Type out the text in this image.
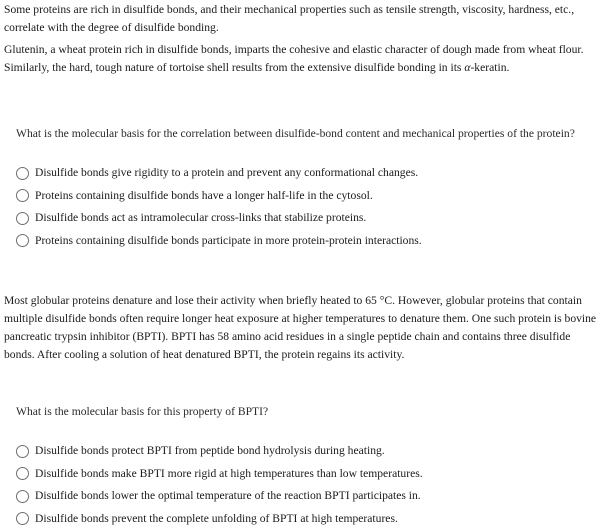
Some proteins are rich in disulfide bonds, and their mechanical properties such as tensile strength, viscosity, hardness, etc.,
correlate with the degree of disulfide bonding.
Glutenin, a wheat protein rich in disulfide bonds, imparts the cohesive and elastic character of dough made from wheat flour.
Similarly, the hard, tough nature of tortoise shell results from the extensive disulfide bonding in its α-keratin.
What is the molecular basis for the correlation between disulfide-bond content and mechanical properties of the protein?
Disulfide bonds give rigidity to a protein and prevent any conformational changes.
Proteins containing disulfide bonds have a longer half-life in the cytosol.
Disulfide bonds act as intramolecular cross-links that stabilize proteins.
Proteins containing disulfide bonds participate in more protein-protein interactions.
Most globular proteins denature and lose their activity when briefly heated to 65 °C. However, globular proteins that contain
multiple disulfide bonds often require longer heat exposure at higher temperatures to denature them. One such protein is bovine
pancreatic trypsin inhibitor (BPTI). BPTI has 58 amino acid residues in a single peptide chain and contains three disulfide
bonds. After cooling a solution of heat denatured BPTI, the protein regains its activity.
What is the molecular basis for this property of BPTI?
Disulfide bonds protect BPTI from peptide bond hydrolysis during heating.
Disulfide bonds make BPTI more rigid at high temperatures than low temperatures.
Disulfide bonds lower the optimal temperature of the reaction BPTI participates in.
Disulfide bonds prevent the complete unfolding of BPTI at high temperatures.
